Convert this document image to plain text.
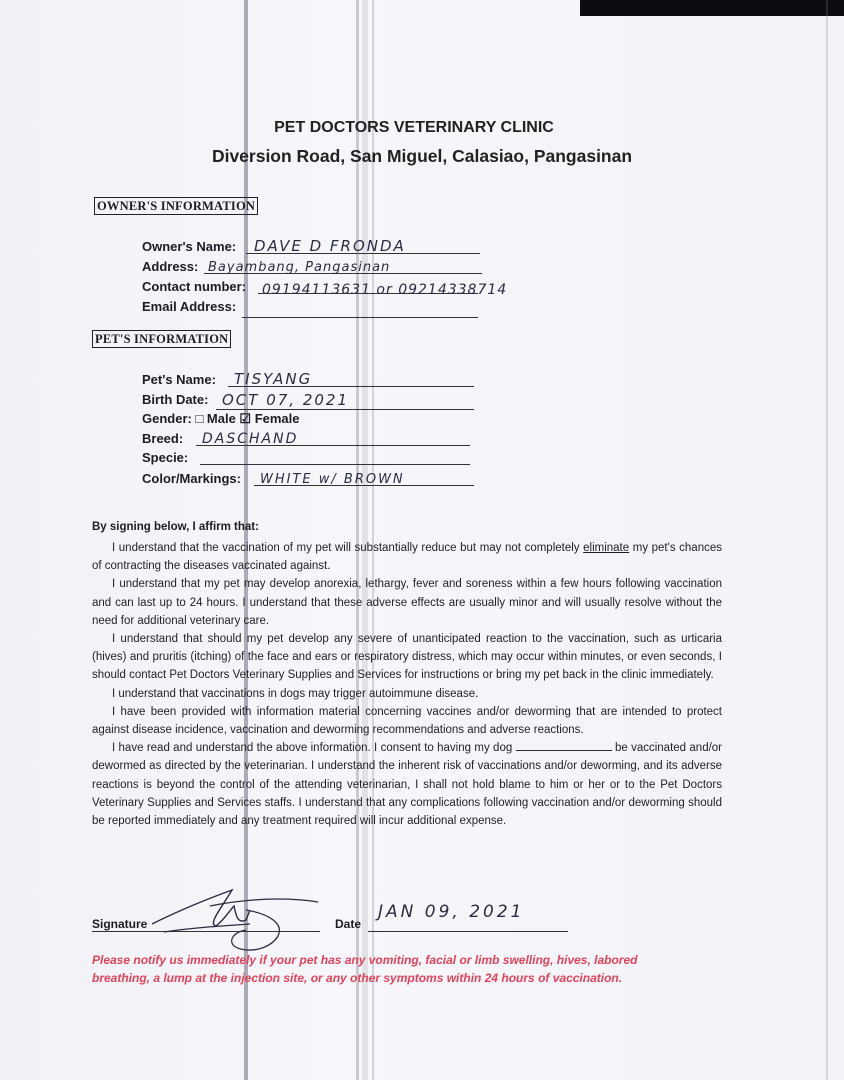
PET DOCTORS VETERINARY CLINIC
Diversion Road, San Miguel, Calasiao, Pangasinan
OWNER'S INFORMATION
Owner's Name: DAVE D FRONDA
Address: Bayambang, Pangasinan
Contact number: 09194113631 or 09214338714
Email Address:
PET'S INFORMATION
Pet's Name: TISYANG
Birth Date: OCT 07, 2021
Gender: □ Male ☑ Female
Breed: DASCHAND
Specie:
Color/Markings: WHITE w/ BROWN
By signing below, I affirm that:

I understand that the vaccination of my pet will substantially reduce but may not completely eliminate my pet's chances of contracting the diseases vaccinated against.

I understand that my pet may develop anorexia, lethargy, fever and soreness within a few hours following vaccination and can last up to 24 hours. I understand that these adverse effects are usually minor and will usually resolve without the need for additional veterinary care.

I understand that should my pet develop any severe of unanticipated reaction to the vaccination, such as urticaria (hives) and pruritis (itching) of the face and ears or respiratory distress, which may occur within minutes, or even seconds, I should contact Pet Doctors Veterinary Supplies and Services for instructions or bring my pet back in the clinic immediately.

I understand that vaccinations in dogs may trigger autoimmune disease.

I have been provided with information material concerning vaccines and/or deworming that are intended to protect against disease incidence, vaccination and deworming recommendations and adverse reactions.

I have read and understand the above information. I consent to having my dog	be vaccinated and/or dewormed as directed by the veterinarian. I understand the inherent risk of vaccinations and/or deworming, and its adverse reactions is beyond the control of the attending veterinarian, I shall not hold blame to him or her or to the Pet Doctors Veterinary Supplies and Services staffs. I understand that any complications following vaccination and/or deworming should be reported immediately and any treatment required will incur additional expense.

Signature	Date
JAN 09, 2021
Please notify us immediately if your pet has any vomiting, facial or limb swelling, hives, labored breathing, a lump at the injection site, or any other symptoms within 24 hours of vaccination.
